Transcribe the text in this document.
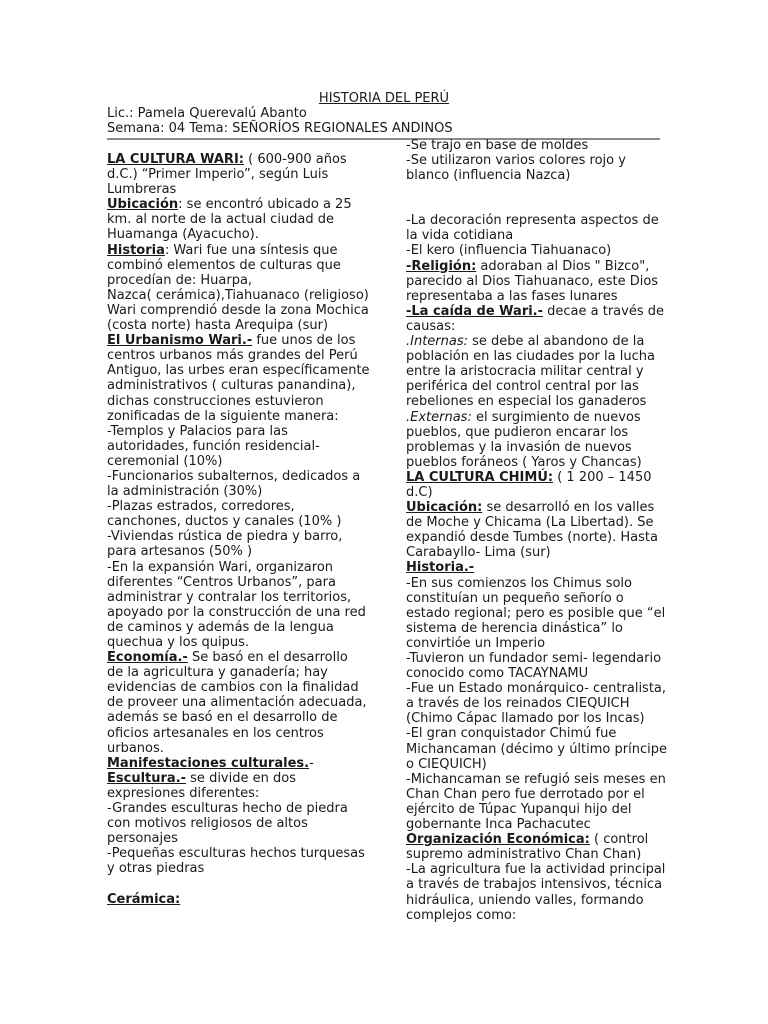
HISTORIA DEL PERÚ
Lic.: Pamela Querevalú Abanto
Semana: 04 Tema: SEÑORÍOS REGIONALES ANDINOS

LA CULTURA WARI: ( 600-900 años

d.C.) “Primer Imperio”, según Luis

Lumbreras

Ubicación: se encontró ubicado a 25

km. al norte de la actual ciudad de

Huamanga (Ayacucho).

Historia: Wari fue una síntesis que

combinó elementos de culturas que

procedían de: Huarpa,

Nazca( cerámica),Tiahuanaco (religioso)

Wari comprendió desde la zona Mochica

(costa norte) hasta Arequipa (sur)

El Urbanismo Wari.- fue unos de los

centros urbanos más grandes del Perú

Antiguo, las urbes eran específicamente

administrativos ( culturas panandina),

dichas construcciones estuvieron

zonificadas de la siguiente manera:

-Templos y Palacios para las

autoridades, función residencial-

ceremonial (10%)

-Funcionarios subalternos, dedicados a

la administración (30%)

-Plazas estrados, corredores,

canchones, ductos y canales (10% )

-Viviendas rústica de piedra y barro,

para artesanos (50% )

-En la expansión Wari, organizaron

diferentes “Centros Urbanos”, para

administrar y contralar los territorios,

apoyado por la construcción de una red

de caminos y además de la lengua

quechua y los quipus.

Economía.- Se basó en el desarrollo

de la agricultura y ganadería; hay

evidencias de cambios con la finalidad

de proveer una alimentación adecuada,

además se basó en el desarrollo de

oficios artesanales en los centros

urbanos.

Manifestaciones culturales.-

Escultura.- se divide en dos

expresiones diferentes:

-Grandes esculturas hecho de piedra

con motivos religiosos de altos

personajes

-Pequeñas esculturas hechos turquesas

y otras piedras

Cerámica:

-Se trajo en base de moldes

-Se utilizaron varios colores rojo y

blanco (influencia Nazca)

-La decoración representa aspectos de

la vida cotidiana

-El kero (influencia Tiahuanaco)

-Religión: adoraban al Dios " Bizco",

parecido al Dios Tiahuanaco, este Dios

representaba a las fases lunares

-La caída de Wari.- decae a través de

causas:

.Internas: se debe al abandono de la

población en las ciudades por la lucha

entre la aristocracia militar central y

periférica del control central por las

rebeliones en especial los ganaderos

.Externas: el surgimiento de nuevos

pueblos, que pudieron encarar los

problemas y la invasión de nuevos

pueblos foráneos ( Yaros y Chancas)

LA CULTURA CHIMÚ: ( 1 200 – 1450

d.C)

Ubicación: se desarrolló en los valles

de Moche y Chicama (La Libertad). Se

expandió desde Tumbes (norte). Hasta

Carabayllo- Lima (sur)

Historia.-

-En sus comienzos los Chimus solo

constituían un pequeño señorío o

estado regional; pero es posible que “el

sistema de herencia dinástica” lo

convirtióe un Imperio

-Tuvieron un fundador semi- legendario

conocido como TACAYNAMU

-Fue un Estado monárquico- centralista,

a través de los reinados CIEQUICH

(Chimo Cápac llamado por los Incas)

-El gran conquistador Chimú fue

Michancaman (décimo y último príncipe

o CIEQUICH)

-Michancaman se refugió seis meses en

Chan Chan pero fue derrotado por el

ejército de Túpac Yupanqui hijo del

gobernante Inca Pachacutec

Organización Económica: ( control

supremo administrativo Chan Chan)

-La agricultura fue la actividad principal

a través de trabajos intensivos, técnica

hidráulica, uniendo valles, formando

complejos como:
